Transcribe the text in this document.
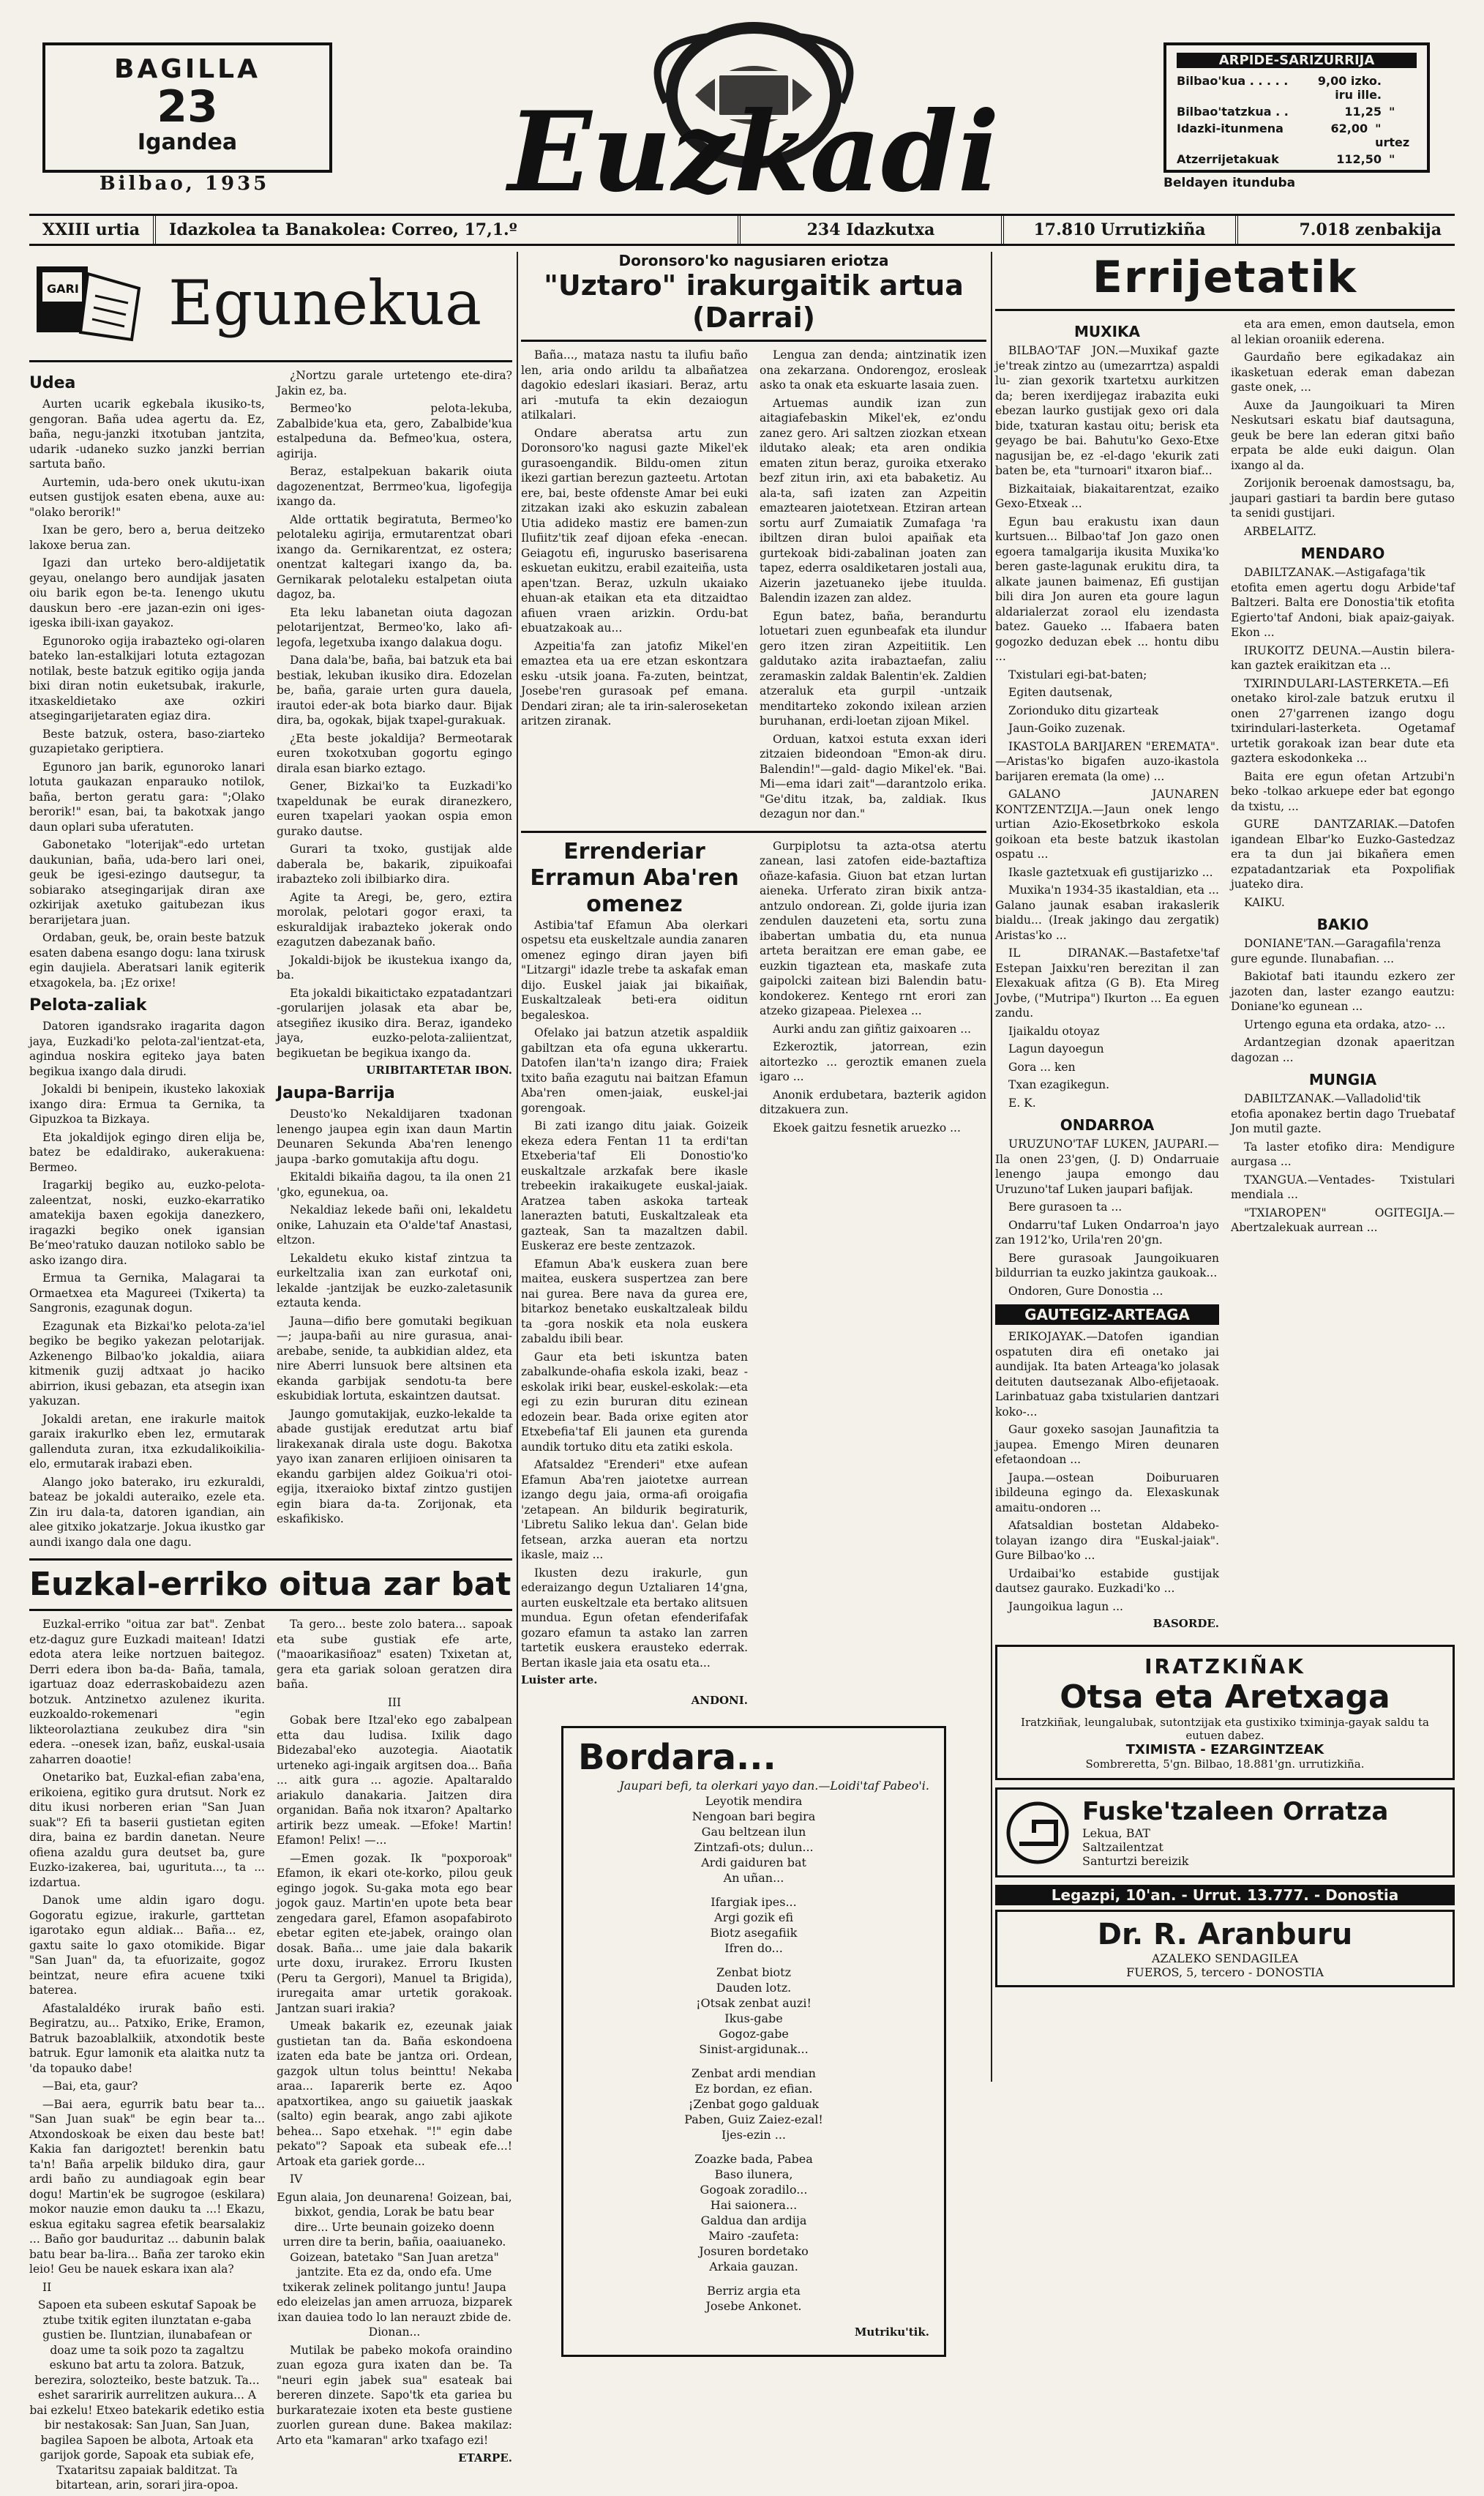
BAGILLA
23
Igandea
Bilbao, 1935	Euzkadi
ARPIDE-SARIZURRIJA
Bilbao'kua . . . . .	9,00 izko. iru ille.
Bilbao'tatzkua . .	11,25 "
Idazki-itunmena	62,00 " urtez
Atzerrijetakuak	112,50 "
Beldayen itunduba
XXIII urtia	Idazkolea ta Banakolea: Correo, 17,1.º	234 Idazkutxa	17.810 Urrutizkiña	7.018 zenbakija
GARI Egunekua
Udea

Aurten ucarik egkebala ikusiko-ts, gengoran. Baña udea agertu da. Ez, baña, negu-janzki itxotuban jantzita, udarik -udaneko suzko janzki berrian sartuta baño.

Aurtemin, uda-bero onek ukutu-ixan eutsen gustijok esaten ebena, auxe au: "olako berorik!"

Ixan be gero, bero a, berua deitzeko lakoxe berua zan.

Igazi dan urteko bero-aldijetatik geyau, onelango bero aundijak jasaten oiu barik egon be-ta. Ienengo ukutu dauskun bero -ere jazan-ezin oni iges-igeska ibili-ixan gayakoz.

Egunoroko ogija irabazteko ogi-olaren bateko lan-estalkijari lotuta eztagozan notilak, beste batzuk egitiko ogija janda bixi diran notin euketsubak, irakurle, itxaskeldietako axe ozkiri atsegingarijetaraten egiaz dira.

Beste batzuk, ostera, baso-ziarteko guzapietako geriptiera.

Egunoro jan barik, egunoroko lanari lotuta gaukazan enparauko notilok, baña, berton geratu gara: ";Olako berorik!" esan, bai, ta bakotxak jango daun oplari suba uferatuten.

Gabonetako "loterijak"-edo urtetan daukunian, baña, uda-bero lari onei, geuk be igesi-ezingo dautsegur, ta sobiarako atsegingarijak diran axe ozkirijak axetuko gaitubezan ikus berarijetara juan.

Ordaban, geuk, be, orain beste batzuk esaten dabena esango dogu: lana txirusk egin daujiela. Aberatsari lanik egiterik etxagokela, ba. ¡Ez orixe!

Pelota-zaliak

Datoren igandsrako iragarita dagon jaya, Euzkadi'ko pelota-zal'ientzat-eta, agindua noskira egiteko jaya baten begikua ixango dala dirudi.

Jokaldi bi benipein, ikusteko lakoxiak ixango dira: Ermua ta Gernika, ta Gipuzkoa ta Bizkaya.

Eta jokaldijok egingo diren elija be, batez be edaldirako, aukerakuena: Bermeo.

Iragarkij begiko au, euzko-pelota-zaleentzat, noski, euzko-ekarratiko amatekija baxen egokija danezkero, iragazki begiko onek igansian Beʻmeo'ratuko dauzan notiloko sablo be asko izango dira.

Ermua ta Gernika, Malagarai ta Ormaetxea eta Magureei (Txikerta) ta Sangronis, ezagunak dogun.

Ezagunak eta Bizkai'ko pelota-za'iel begiko be begiko yakezan pelotarijak. Azkenengo Bilbao'ko jokaldia, aiiara kitmenik guzij adtxaat jo haciko abirrion, ikusi gebazan, eta atsegin ixan yakuzan.

Jokaldi aretan, ene irakurle maitok garaix irakurlko eben lez, ermutarak gallenduta zuran, itxa ezkudalikoikilia-elo, ermutarak irabazi eben.

Alango joko baterako, iru ezkuraldi, bateaz be jokaldi auteraiko, ezele eta. Zin iru dala-ta, datoren igandian, ain alee gitxiko jokatzarje. Jokua ikustko gar aundi ixango dala one dagu.

¿Nortzu garale urtetengo ete-dira? Jakin ez, ba.

Bermeo'ko pelota-lekuba, Zabalbide'kua eta, gero, Zabalbide'kua estalpeduna da. Befmeo'kua, ostera, agirija.

Beraz, estalpekuan bakarik oiuta dagozenentzat, Berrmeo'kua, ligofegija ixango da.

Alde orttatik begiratuta, Bermeo'ko pelotaleku agirija, ermutarentzat obari ixango da. Gernikarentzat, ez ostera; onentzat kaltegari ixango da, ba. Gernikarak pelotaleku estalpetan oiuta dagoz, ba.

Eta leku labanetan oiuta dagozan pelotarijentzat, Bermeo'ko, lako afi-legofa, legetxuba ixango dalakua dogu.

Dana dala'be, baña, bai batzuk eta bai bestiak, lekuban ikusiko dira. Edozelan be, baña, garaie urten gura dauela, irautoi eder-ak bota biarko daur. Bijak dira, ba, ogokak, bijak txapel-gurakuak.

¿Eta beste jokaldija? Bermeotarak euren txokotxuban gogortu egingo dirala esan biarko eztago.

Gener, Bizkai'ko ta Euzkadi'ko txapeldunak be eurak diranezkero, euren txapelari yaokan ospia emon gurako dautse.

Gurari ta txoko, gustijak alde daberala be, bakarik, zipuikoafai irabazteko zoli ibilbiarko dira.

Agite ta Aregi, be, gero, eztira morolak, pelotari gogor eraxi, ta eskuraldijak irabazteko jokerak ondo ezagutzen dabezanak baño.

Jokaldi-bijok be ikustekua ixango da, ba.

Eta jokaldi bikaitictako ezpatadantzari -gorularijen jolasak eta abar be, atsegiñez ikusiko dira. Beraz, igandeko jaya, euzko-pelota-zaliientzat, begikuetan be begikua ixango da.

URIBITARTETAR IBON.
Jaupa-Barrija

Deusto'ko Nekaldijaren txadonan lenengo jaupea egin ixan daun Martin Deunaren Sekunda Aba'ren lenengo jaupa -barko gomutakija aftu dogu.

Ekitaldi bikaiña dagou, ta ila onen 21 'gko, egunekua, oa.

Nekaldiaz lekede bañi oni, lekaldetu onike, Lahuzain eta O'alde'taf Anastasi, eltzon.

Lekaldetu ekuko kistaf zintzua ta eurkeltzalia ixan zan eurkotaf oni, lekalde -jantzijak be euzko-zaletasunik eztauta kenda.

Jauna—difio bere gomutaki begikuan—; jaupa-bañi au nire gurasua, anai-arebabe, senide, ta aubkidian aldez, eta nire Aberri lunsuok bere altsinen eta ekanda garbijak sendotu-ta bere eskubidiak lortuta, eskaintzen dautsat.

Jaungo gomutakijak, euzko-lekalde ta abade gustijak eredutzat artu biaf lirakexanak dirala uste dogu. Bakotxa yayo ixan zanaren erlijioen oinisaren ta ekandu garbijen aldez Goikua'ri otoi-egija, itxeraioko bixtaf zintzo gustijen egin biara da-ta. Zorijonak, eta eskafikisko.

Euzkal-erriko oitua zar bat

Euzkal-erriko "oitua zar bat". Zenbat etz-daguz gure Euzkadi maitean! Idatzi edota atera leike nortzuen baitegoz. Derri edera ibon ba-da- Baña, tamala, igartuaz doaz ederraskobaidezu azen botzuk. Antzinetxo azulenez ikurita. euzkoaldo-rokemenari "egin likteorolaztiana zeukubez dira "sin edera. --onesek izan, bañz, euskal-usaia zaharren doaotie!

Onetariko bat, Euzkal-efian zaba'ena, erikoiena, egitiko gura drutsut. Nork ez ditu ikusi norberen erian "San Juan suak"? Efi ta baserii gustietan egiten dira, baina ez bardin danetan. Neure ofiena azaldu gura deutset ba, gure Euzko-izakerea, bai, ugurituta..., ta ... izdartua.

Danok ume aldin igaro dogu. Gogoratu egizue, irakurle, garttetan igarotako egun aldiak... Baña... ez, gaxtu saite lo gaxo otomikide. Bigar "San Juan" da, ta efuorizaite, gogoz beintzat, neure efira acuene txiki baterea.

Afastalaldéko irurak baño esti. Begiratzu, au... Patxiko, Erike, Eramon, Batruk bazoablalkiik, atxondotik beste batruk. Egur lamonik eta alaitka nutz ta 'da topauko dabe!

—Bai, eta, gaur?

—Bai aera, egurrik batu bear ta... "San Juan suak" be egin bear ta... Atxondoskoak be eixen dau beste bat! Kakia fan darigoztet! berenkin batu ta'n! Baña arpelik bilduko dira, gaur ardi baño zu aundiagoak egin bear dogu! Martin'ek be sugrogoe (eskilara) mokor nauzie emon dauku ta ...! Ekazu, eskua egitaku sagrea efetik bearsalakiz ... Baño gor bauduritaz ... dabunin balak batu bear ba-lira... Baña zer taroko ekin leio! Geu be nauek eskara ixan ala?

II

Sapoen eta subeen eskutaf Sapoak be ztube txitik egiten ilunztatan e-gaba gustien be. Iluntzian, ilunabafean or doaz ume ta soik pozo ta zagaltzu eskuno bat artu ta zolora. Batzuk, berezira, solozteiko, beste batzuk. Ta... eshet sararirik aurrelitzen aukura... A bai ezkelu! Etxeo batekarik edetiko estia bir nestakosak: San Juan, San Juan, bagilea Sapoen be albota, Artoak eta garijok gorde, Sapoak eta subiak efe, Txataritsu zapaiak balditzat. Ta bitartean, arin, sorari jira-opoa.

Ta gero... beste zolo batera... sapoak eta sube gustiak efe arte, ("maoarikasiñoaz" esaten) Txixetan at, gera eta gariak soloan geratzen dira baña.

III

Gobak bere Itzal'eko ego zabalpean etta dau ludisa. Ixilik dago Bidezabal'eko auzotegia. Aiaotatik urteneko agi-ingaik argitsen doa... Baña ... aitk gura ... agozie. Apaltaraldo ariakulo danakaria. Jaitzen dira organidan. Baña nok itxaron? Apaltarko artirik bezz umeak. —Efoke! Martin! Efamon! Pelix! —...

—Emen gozak. Ik "poxporoak" Efamon, ik ekari ote-korko, pilou geuk egingo jogok. Su-gaka mota ego bear jogok gauz. Martin'en upote beta bear zengedara garel, Efamon asopafabiroto ebetar egiten ete-jabek, oraingo olan dosak. Baña... ume jaie dala bakarik urte doxu, irurakez. Erroru Ikusten (Peru ta Gergori), Manuel ta Brigida), iruregaita amar urtetik gorakoak. Jantzan suari irakia?

Umeak bakarik ez, ezeunak jaiak gustietan tan da. Baña eskondoena izaten eda bate be jantza ori. Ordean, gazgok ultun tolus beinttu! Nekaba araa... Iaparerik berte ez. Aqoo apatxortikea, ango su gaiuetik jaaskak (salto) egin bearak, ango zabi ajikote behea... Sapo etxehak. "!" egin dabe pekato"? Sapoak eta subeak efe...! Artoak eta gariek gorde...

IV

Egun alaia, Jon deunarena! Goizean, bai, bixkot, gendia, Lorak be batu bear dire... Urte beunain goizeko doenn urren dire ta berin, bañia, oaaiuaneko. Goizean, batetako "San Juan aretza" jantzite. Eta ez da, ondo efa. Ume txikerak zelinek politango juntu! Jaupa edo eleizelas jan amen arruoza, bizparek ixan dauiea todo lo lan nerauzt zbide de. Dionan...

Mutilak be pabeko mokofa oraindino zuan egoza gura ixaten dan be. Ta "neuri egin jabek sua" esateak bai bereren dinzete. Sapo'tk eta gariea bu burkaratezaie ixoten eta beste gustiene zuorlen gurean dune. Bakea makilaz: Arto eta "kamaran" arko txafago ezi!

ETARPE.
Doronsoro'ko nagusiaren eriotza
"Uztaro" irakurgaitik artua (Darrai)

Baña..., mataza nastu ta ilufiu baño len, aria ondo arildu ta albañatzea dagokio edeslari ikasiari. Beraz, artu ari -mutufa ta ekin dezaiogun atilkalari.

Ondare aberatsa artu zun Doronsoro'ko nagusi gazte Mikel'ek gurasoengandik. Bildu-omen zitun ikezi gartian berezun gazteetu. Artotan ere, bai, beste ofdenste Amar bei euki zitzakan izaki ako eskuzin zabalean Utia adideko mastiz ere bamen-zun Ilufiitz'tik zeaf dijoan efeka -enecan. Geiagotu efi, ingurusko baserisarena eskuetan eukitzu, erabil ezaiteiña, usta apen'tzan. Beraz, uzkuln ukaiako ehuan-ak etaikan eta eta ditzaidtao afiuen vraen arizkin. Ordu-bat ebuatzakoak au...

Azpeitia'fa zan jatofiz Mikel'en emaztea eta ua ere etzan eskontzara esku -utsik joana. Fa-zuten, beintzat, Josebe'ren gurasoak pef emana. Dendari ziran; ale ta irin-saleroseketan aritzen ziranak.

Lengua zan denda; aintzinatik izen ona zekarzana. Ondorengoz, erosleak asko ta onak eta eskuarte lasaia zuen.

Artuemas aundik izan zun aitagiafebaskin Mikel'ek, ez'ondu zanez gero. Ari saltzen ziozkan etxean ildutako aleak; eta aren ondikia ematen zitun beraz, guroika etxerako bezf zitun irin, axi eta babaketiz. Au ala-ta, safi izaten zan Azpeitin emaztearen jaiotetxean. Etziran artean sortu aurf Zumaiatik Zumafaga 'ra ibiltzen diran buloi apaiñak eta gurtekoak bidi-zabalinan joaten zan tapez, ederra osaldiketaren jostali aua, Aizerin jazetuaneko ijebe ituulda. Balendin izazen zan aldez.

Egun batez, baña, berandurtu lotuetari zuen egunbeafak eta ilundur gero itzen ziran Azpeitiitik. Len galdutako azita irabaztaefan, zaliu zeramaskin zaldak Balentin'ek. Zaldien atzeraluk eta gurpil -untzaik menditarteko zokondo ixilean arzien buruhanan, erdi-loetan zijoan Mikel.

Orduan, katxoi estuta exxan ideri zitzaien bideondoan "Emon-ak diru. Balendin!"—gald- dagio Mikel'ek. "Bai. Mi—ema idari zait"—darantzolo erika. "Ge'ditu itzak, ba, zaldiak. Ikus dezagun nor dan."

Errenderiar Erramun Aba'ren omenez

Astibia'taf Efamun Aba olerkari ospetsu eta euskeltzale aundia zanaren omenez egingo diran jayen bifi "Litzargi" idazle trebe ta askafak eman dijo. Euskel jaiak jai bikaiñak, Euskaltzaleak beti-era oiditun begaleskoa.

Ofelako jai batzun atzetik aspaldiik gabiltzan eta ofa eguna ukkerartu. Datofen ilan'ta'n izango dira; Fraiek txito baña ezagutu nai baitzan Efamun Aba'ren omen-jaiak, euskel-jai gorengoak.

Bi zati izango ditu jaiak. Goizeik ekeza edera Fentan 11 ta erdi'tan Etxeberia'taf Eli Donostio'ko euskaltzale arzkafak bere ikasle trebeekin irakaikugete euskal-jaiak. Aratzea taben askoka tarteak lanerazten batuti, Euskaltzaleak eta gazteak, San ta mazaltzen dabil. Euskeraz ere beste zentzazok.

Efamun Aba'k euskera zuan bere maitea, euskera suspertzea zan bere nai gurea. Bere nava da gurea ere, bitarkoz benetako euskaltzaleak bildu ta -gora noskik eta nola euskera zabaldu ibili bear.

Gaur eta beti iskuntza baten zabalkunde-ohafia eskola izaki, beaz -eskolak iriki bear, euskel-eskolak:—eta egi zu ezin bururan ditu ezinean edozein bear. Bada orixe egiten ator Etxebefia'taf Eli jaunen eta gurenda aundik tortuko ditu eta zatiki eskola.

Afatsaldez "Erenderi" etxe aufean Efamun Aba'ren jaiotetxe aurrean izango degu jaia, orma-afi oroigafia 'zetapean. An bildurik begiraturik, 'Libretu Saliko lekua dan'. Gelan bide fetsean, arzka aueran eta nortzu ikasle, maiz ...

Ikusten dezu irakurle, gun ederaizango degun Uztaliaren 14'gna, aurten euskeltzale eta bertako alitsuen mundua. Egun ofetan efenderifafak gozaro efamun ta astako lan zarren tartetik euskera erausteko ederrak. Bertan ikasle jaia eta osatu eta...

Luister arte.
ANDONI.

Gurpiplotsu ta azta-otsa atertu zanean, lasi zatofen eide-baztaftiza oñaze-kafasia. Giuon bat etzan lurtan aieneka. Urferato ziran bixik antza-antzulo ondorean. Zi, golde ijuria izan zendulen dauzeteni eta, sortu zuna ibabertan umbatia du, eta nunua arteta beraitzan ere eman gabe, ee euzkin tigaztean eta, maskafe zuta gaipolcki zaitean bizi Balendin batu-kondokerez. Kentego rnt erori zan atzeko gizapeaa. Pielexea ...

Aurki andu zan giñtiz gaixoaren ...

Ezkeroztik, jatorrean, ezin aitortezko ... geroztik emanen zuela igaro ...

Anonik erdubetara, bazterik agidon ditzakuera zun.

Ekoek gaitzu fesnetik aruezko ...

Bordara...
Jaupari befi, ta olerkari yayo dan.—Loidi'taf Pabeo'i.
Leyotik mendira
Nengoan bari begira
Gau beltzean ilun
Zintzafi-ots; dulun...
Ardi gaiduren bat
An uñan...
Ifargiak ipes...
Argi gozik efi
Biotz asegafiik
Ifren do...
Zenbat biotz
Dauden lotz.
¡Otsak zenbat auzi!
Ikus-gabe
Gogoz-gabe
Sinist-argidunak...
Zenbat ardi mendian
Ez bordan, ez efian.
¡Zenbat gogo galduak
Paben, Guiz Zaiez-ezal!
Ijes-ezin ...
Zoazke bada, Pabea
Baso ilunera,
Gogoak zoradilo...
Hai saionera...
Galdua dan ardija
Mairo -zaufeta:
Josuren bordetako
Arkaia gauzan.
Berriz argia eta
Josebe Ankonet.
Mutriku'tik.
Errijetatik
MUXIKA

BILBAO'TAF JON.—Muxikaf gazte je'treak zintzo au (umezarrtza) aspaldi lu- zian gexorik txartetxu aurkitzen da; beren ixerdijegaz irabazita euki ebezan laurko gustijak gexo ori dala bide, txaturan kastau oitu; berisk eta geyago be bai. Bahutu'ko Gexo-Etxe nagusijan be, ez -el-dago 'ekurik zati baten be, eta "turnoari" itxaron biaf...

Bizkaitaiak, biakaitarentzat, ezaiko Gexo-Etxeak ...

Egun bau erakustu ixan daun kurtsuen... Bilbao'taf Jon gazo onen egoera tamalgarija ikusita Muxika'ko beren gaste-lagunak erukitu dira, ta alkate jaunen baimenaz, Efi gustijan bili dira Jon auren eta goure lagun aldarialerzat zoraol elu izendasta batez. Gaueko ... Ifabaera baten gogozko deduzan ebek ... hontu dibu ...

Txistulari egi-bat-baten;

Egiten dautsenak,

Zorionduko ditu gizarteak

Jaun-Goiko zuzenak.

IKASTOLA BARIJAREN "EREMATA".—Aristas'ko bigafen auzo-ikastola barijaren eremata (la ome) ...

GALANO JAUNAREN KONTZENTZIJA.—Jaun onek lengo urtian Azio-Ekosetbrkoko eskola goikoan eta beste batzuk ikastolan ospatu ...

Ikasle gaztetxuak efi gustijarizko ...

Muxika'n 1934-35 ikastaldian, eta ... Galano jaunak esaban irakaslerik bialdu... (Ireak jakingo dau zergatik) Aristas'ko ...

IL DIRANAK.—Bastafetxe'taf Estepan Jaixku'ren berezitan il zan Elexakuak afitza (G B). Eta Mireg Jovbe, ("Mutripa") Ikurton ... Ea eguen zandu.

Ijaikaldu otoyaz

Lagun dayoegun

Gora ... ken

Txan ezagikegun.

E. K.

ONDARROA

URUZUNO'TAF LUKEN, JAUPARI.—Ila onen 23'gen, (J. D) Ondarruaie lenengo jaupa emongo dau Uruzuno'taf Luken jaupari bafijak.

Bere gurasoen ta ...

Ondarru'taf Luken Ondarroa'n jayo zan 1912'ko, Urila'ren 20'gn.

Bere gurasoak Jaungoikuaren bildurrian ta euzko jakintza gaukoak...

Ondoren, Gure Donostia ...

GAUTEGIZ-ARTEAGA

ERIKOJAYAK.—Datofen igandian ospatuten dira efi onetako jai aundijak. Ita baten Arteaga'ko jolasak deituten dautsezanak Albo-efijetaoak. Larinbatuaz gaba txistularien dantzari koko-...

Gaur goxeko sasojan Jaunafitzia ta jaupea. Emengo Miren deunaren efetaondoan ...

Jaupa.—ostean Doiburuaren ibildeuna egingo da. Elexaskunak amaitu-ondoren ...

Afatsaldian bostetan Aldabeko-tolayan izango dira "Euskal-jaiak". Gure Bilbao'ko ...

Urdaibai'ko estabide gustijak dautsez gaurako. Euzkadi'ko ...

Jaungoikua lagun ...

BASORDE.

eta ara emen, emon dautsela, emon al lekian oroaniik ederena.

Gaurdaño bere egikadakaz ain ikasketuan ederak eman dabezan gaste onek, ...

Auxe da Jaungoikuari ta Miren Neskutsari eskatu biaf dautsaguna, geuk be bere lan ederan gitxi baño erpata be alde euki daigun. Olan ixango al da.

Zorijonik beroenak damostsagu, ba, jaupari gastiari ta bardin bere gutaso ta senidi gustijari.

ARBELAITZ.

MENDARO

DABILTZANAK.—Astigafaga'tik etofita emen agertu dogu Arbide'taf Baltzeri. Balta ere Donostia'tik etofita Egierto'taf Andoni, biak apaiz-gaiyak. Ekon ...

IRUKOITZ DEUNA.—Austin bilera-kan gaztek eraikitzan eta ...

TXIRINDULARI-LASTERKETA.—Efi onetako kirol-zale batzuk erutxu il onen 27'garrenen izango dogu txirindulari-lasterketa. Ogetamaf urtetik gorakoak izan bear dute eta gaztera eskodonkeka ...

Baita ere egun ofetan Artzubi'n beko -tolkao arkuepe eder bat egongo da txistu, ...

GURE DANTZARIAK.—Datofen igandean Elbar'ko Euzko-Gastedzaz era ta dun jai bikañera emen ezpatadantzariak eta Poxpolifiak juateko dira.

KAIKU.

BAKIO

DONIANE'TAN.—Garagafila'renza gure egunde. Ilunabafian. ...

Bakiotaf bati itaundu ezkero zer jazoten dan, laster ezango eautzu: Doniane'ko egunean ...

Urtengo eguna eta ordaka, atzo- ...

Ardantzegian dzonak apaeritzan dagozan ...

MUNGIA

DABILTZANAK.—Valladolid'tik etofia aponakez bertin dago Truebataf Jon mutil gazte.

Ta laster etofiko dira: Mendigure aurgasa ...

TXANGUA.—Ventades- Txistulari mendiala ...

"TXIAROPEN" OGITEGIJA.—Abertzalekuak aurrean ...

IRATZKIÑAK
Otsa eta Aretxaga
Iratzkiñak, leungalubak, sutontzijak eta gustixiko tximinja-gayak saldu ta eutuen dabez.
TXIMISTA - EZARGINTZEAK
Sombreretta, 5'gn. Bilbao, 18.881'gn. urrutizkiña.
Fuske'tzaleen Orratza
Lekua, BAT
Saltzailentzat
Santurtzi bereizik
Legazpi, 10'an. - Urrut. 13.777. - Donostia
Dr. R. Aranburu
AZALEKO SENDAGILEA
FUEROS, 5, tercero - DONOSTIA
